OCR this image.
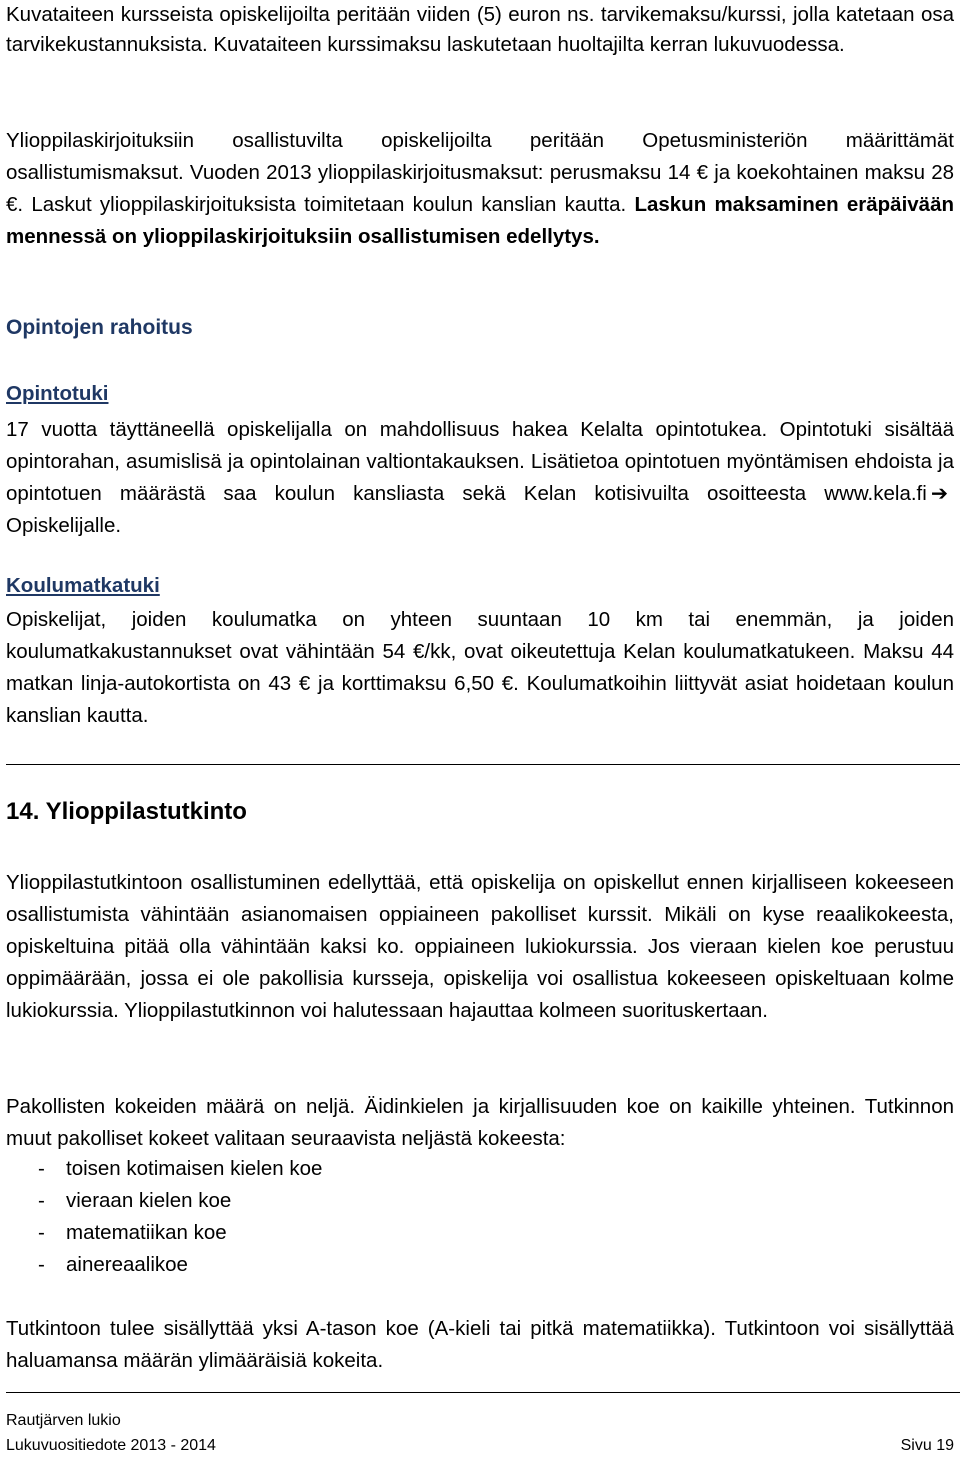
Kuvataiteen kursseista opiskelijoilta peritään viiden (5) euron ns. tarvikemaksu/kurssi, jolla katetaan osa tarvikekustannuksista. Kuvataiteen kurssimaksu laskutetaan huoltajilta kerran lukuvuodessa.

Ylioppilaskirjoituksiin osallistuvilta opiskelijoilta peritään Opetusministeriön määrittämät osallistumismaksut. Vuoden 2013 ylioppilaskirjoitusmaksut: perusmaksu 14 € ja koekohtainen maksu 28 €. Laskut ylioppilaskirjoituksista toimitetaan koulun kanslian kautta. Laskun maksaminen eräpäivään mennessä on ylioppilaskirjoituksiin osallistumisen edellytys.

Opintojen rahoitus
Opintotuki

17 vuotta täyttäneellä opiskelijalla on mahdollisuus hakea Kelalta opintotukea. Opintotuki sisältää opintorahan, asumislisä ja opintolainan valtiontakauksen. Lisätietoa opintotuen myöntämisen ehdoista ja opintotuen määrästä saa koulun kansliasta sekä Kelan kotisivuilta osoitteesta www.kela.fi ➔Opiskelijalle.

Koulumatkatuki

Opiskelijat, joiden koulumatka on yhteen suuntaan 10 km tai enemmän, ja joiden koulumatkakustannukset ovat vähintään 54 €/kk, ovat oikeutettuja Kelan koulumatkatukeen. Maksu 44 matkan linja-autokortista on 43 € ja korttimaksu 6,50 €. Koulumatkoihin liittyvät asiat hoidetaan koulun kanslian kautta.

14. Ylioppilastutkinto

Ylioppilastutkintoon osallistuminen edellyttää, että opiskelija on opiskellut ennen kirjalliseen kokeeseen osallistumista vähintään asianomaisen oppiaineen pakolliset kurssit. Mikäli on kyse reaalikokeesta, opiskeltuina pitää olla vähintään kaksi ko. oppiaineen lukiokurssia. Jos vieraan kielen koe perustuu oppimäärään, jossa ei ole pakollisia kursseja, opiskelija voi osallistua kokeeseen opiskeltuaan kolme lukiokurssia. Ylioppilastutkinnon voi halutessaan hajauttaa kolmeen suorituskertaan.

Pakollisten kokeiden määrä on neljä. Äidinkielen ja kirjallisuuden koe on kaikille yhteinen. Tutkinnon muut pakolliset kokeet valitaan seuraavista neljästä kokeesta:

- toisen kotimaisen kielen koe
- vieraan kielen koe
- matematiikan koe
- ainereaalikoe

Tutkintoon tulee sisällyttää yksi A-tason koe (A-kieli tai pitkä matematiikka). Tutkintoon voi sisällyttää haluamansa määrän ylimääräisiä kokeita.

Rautjärven lukio
Lukuvuositiedote 2013 - 2014	Sivu 19
